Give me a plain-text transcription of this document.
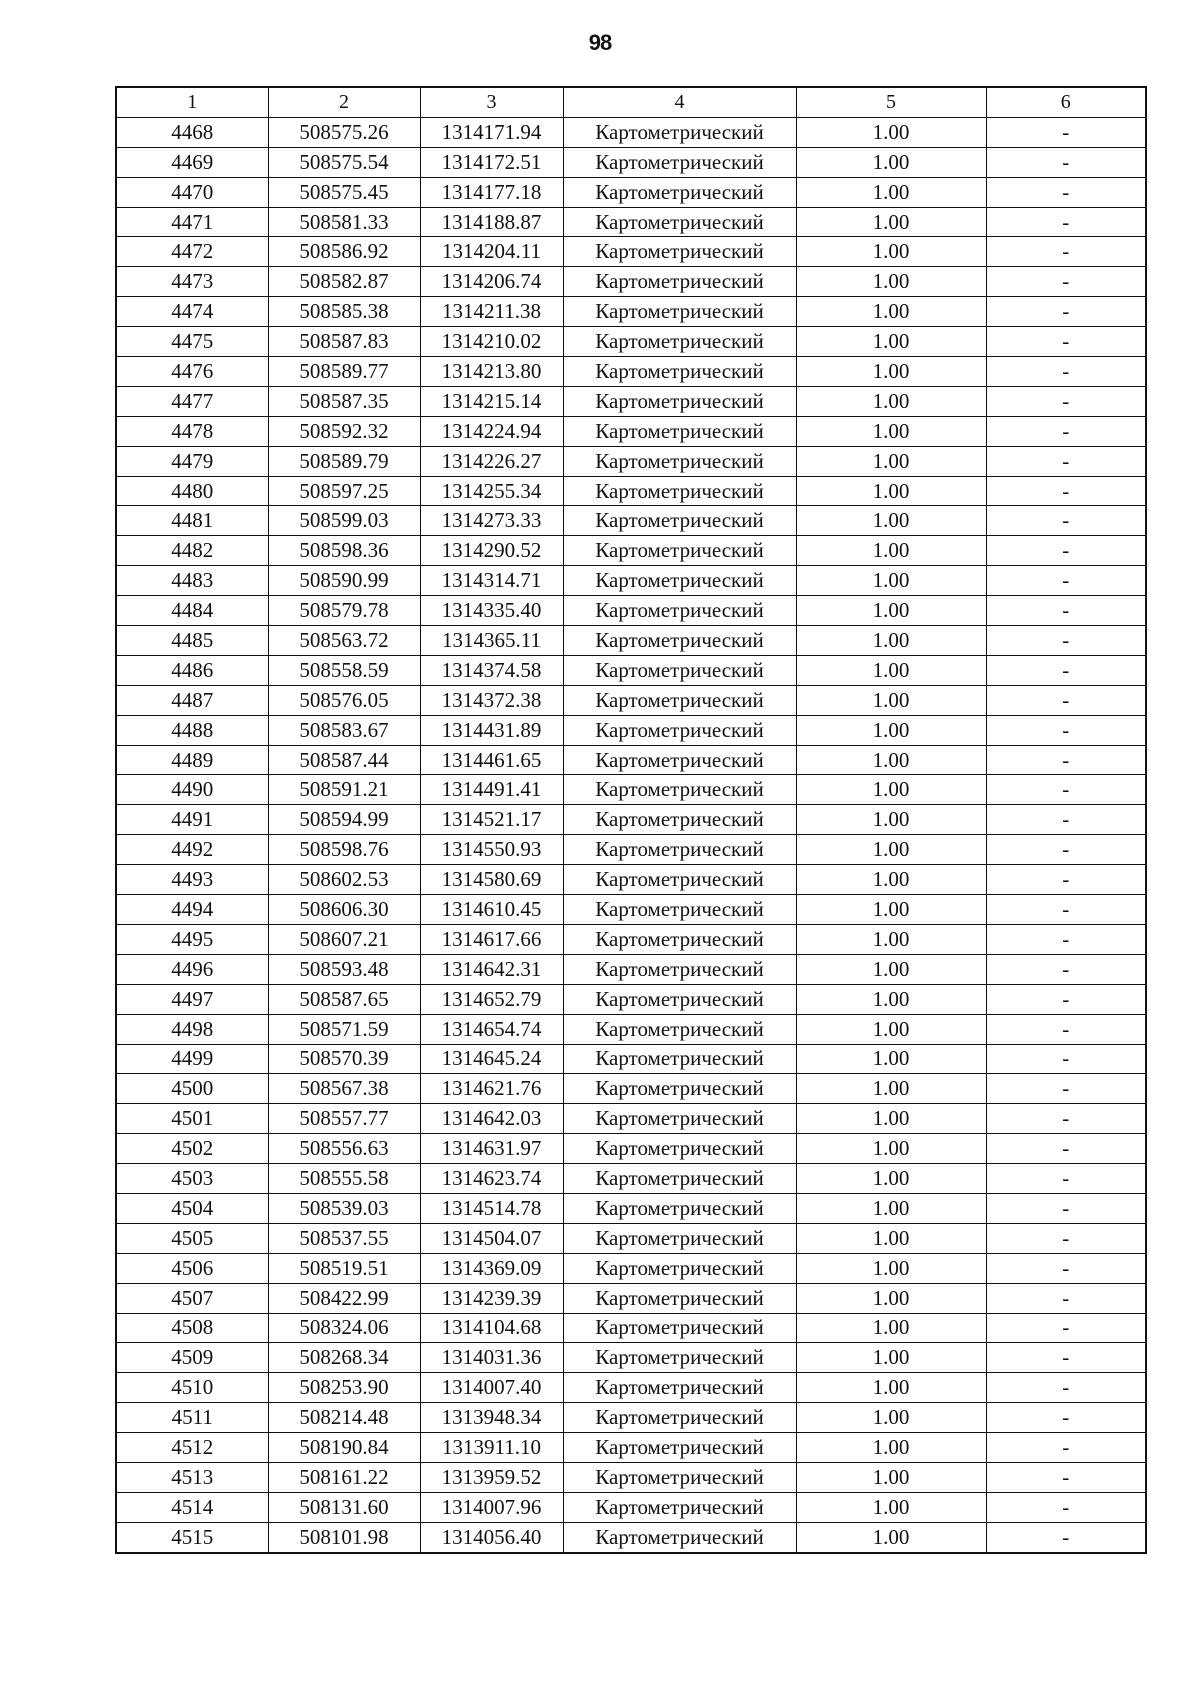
98
1	2	3	4	5	6
4468	508575.26	1314171.94	Картометрический	1.00	-
4469	508575.54	1314172.51	Картометрический	1.00	-
4470	508575.45	1314177.18	Картометрический	1.00	-
4471	508581.33	1314188.87	Картометрический	1.00	-
4472	508586.92	1314204.11	Картометрический	1.00	-
4473	508582.87	1314206.74	Картометрический	1.00	-
4474	508585.38	1314211.38	Картометрический	1.00	-
4475	508587.83	1314210.02	Картометрический	1.00	-
4476	508589.77	1314213.80	Картометрический	1.00	-
4477	508587.35	1314215.14	Картометрический	1.00	-
4478	508592.32	1314224.94	Картометрический	1.00	-
4479	508589.79	1314226.27	Картометрический	1.00	-
4480	508597.25	1314255.34	Картометрический	1.00	-
4481	508599.03	1314273.33	Картометрический	1.00	-
4482	508598.36	1314290.52	Картометрический	1.00	-
4483	508590.99	1314314.71	Картометрический	1.00	-
4484	508579.78	1314335.40	Картометрический	1.00	-
4485	508563.72	1314365.11	Картометрический	1.00	-
4486	508558.59	1314374.58	Картометрический	1.00	-
4487	508576.05	1314372.38	Картометрический	1.00	-
4488	508583.67	1314431.89	Картометрический	1.00	-
4489	508587.44	1314461.65	Картометрический	1.00	-
4490	508591.21	1314491.41	Картометрический	1.00	-
4491	508594.99	1314521.17	Картометрический	1.00	-
4492	508598.76	1314550.93	Картометрический	1.00	-
4493	508602.53	1314580.69	Картометрический	1.00	-
4494	508606.30	1314610.45	Картометрический	1.00	-
4495	508607.21	1314617.66	Картометрический	1.00	-
4496	508593.48	1314642.31	Картометрический	1.00	-
4497	508587.65	1314652.79	Картометрический	1.00	-
4498	508571.59	1314654.74	Картометрический	1.00	-
4499	508570.39	1314645.24	Картометрический	1.00	-
4500	508567.38	1314621.76	Картометрический	1.00	-
4501	508557.77	1314642.03	Картометрический	1.00	-
4502	508556.63	1314631.97	Картометрический	1.00	-
4503	508555.58	1314623.74	Картометрический	1.00	-
4504	508539.03	1314514.78	Картометрический	1.00	-
4505	508537.55	1314504.07	Картометрический	1.00	-
4506	508519.51	1314369.09	Картометрический	1.00	-
4507	508422.99	1314239.39	Картометрический	1.00	-
4508	508324.06	1314104.68	Картометрический	1.00	-
4509	508268.34	1314031.36	Картометрический	1.00	-
4510	508253.90	1314007.40	Картометрический	1.00	-
4511	508214.48	1313948.34	Картометрический	1.00	-
4512	508190.84	1313911.10	Картометрический	1.00	-
4513	508161.22	1313959.52	Картометрический	1.00	-
4514	508131.60	1314007.96	Картометрический	1.00	-
4515	508101.98	1314056.40	Картометрический	1.00	-
